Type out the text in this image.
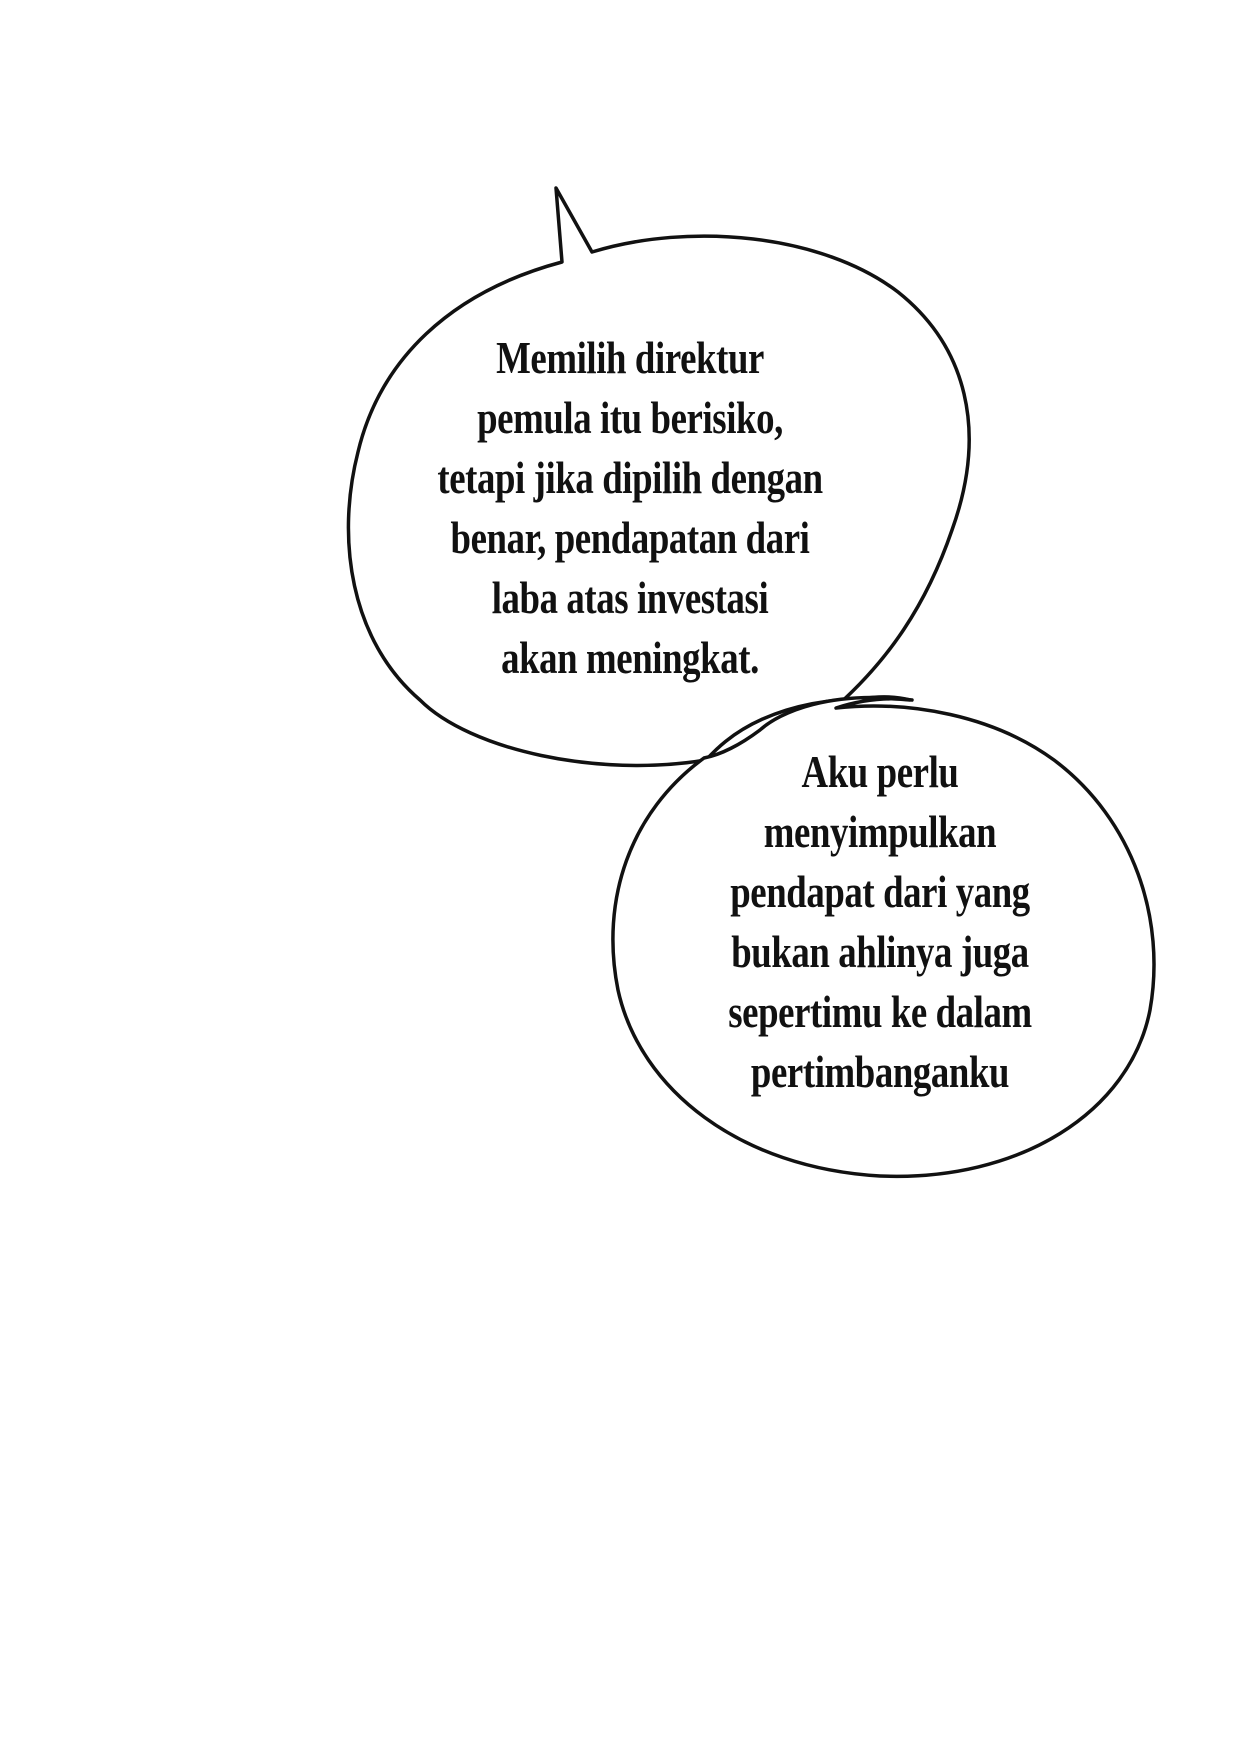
Memilih direktur
pemula itu berisiko,
tetapi jika dipilih dengan
benar, pendapatan dari
laba atas investasi
akan meningkat.
Aku perlu
menyimpulkan
pendapat dari yang
bukan ahlinya juga
sepertimu ke dalam
pertimbanganku
